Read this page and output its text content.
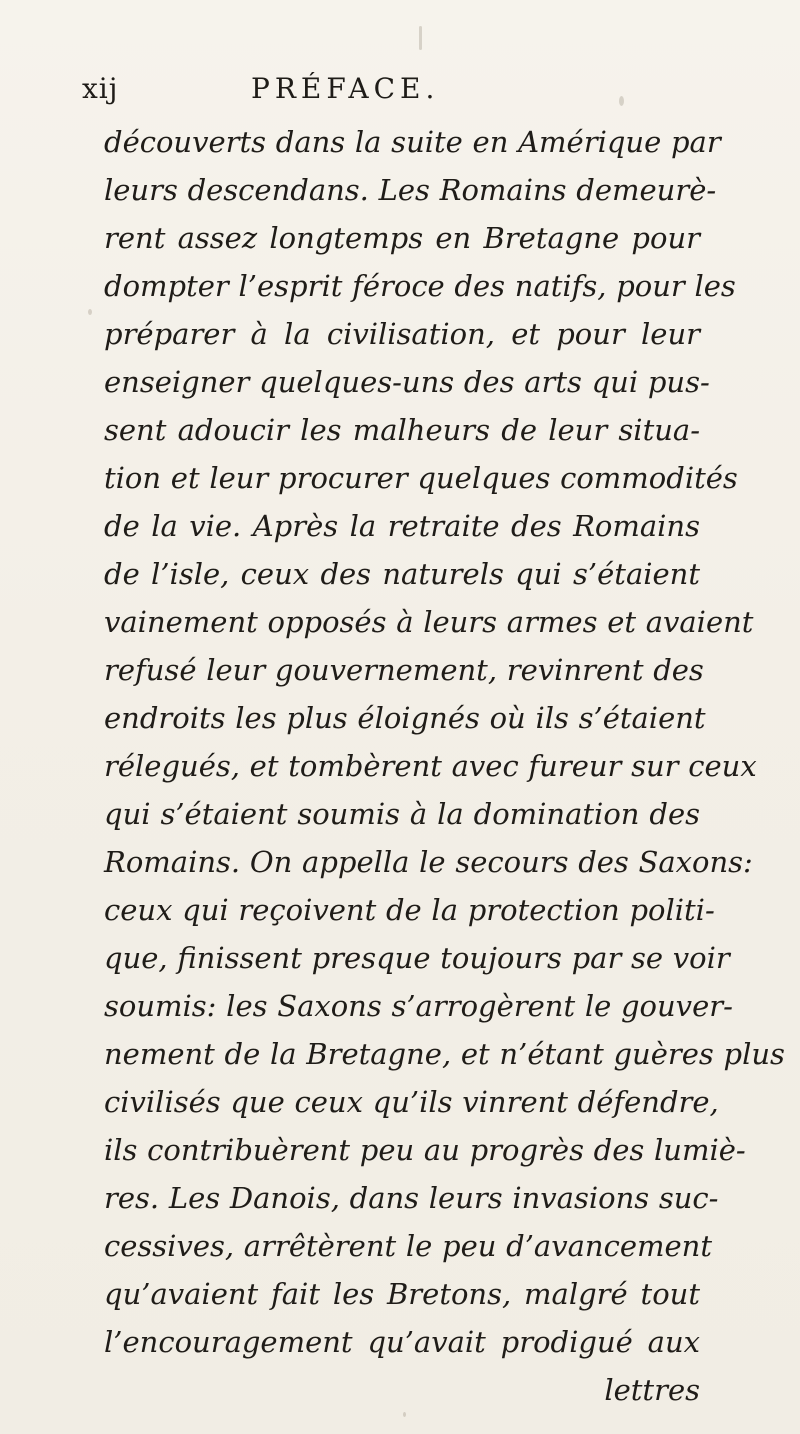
xij	PRÉFACE.
découverts dans la suite en Amérique par
leurs descendans. Les Romains demeurè-
rent assez longtemps en Bretagne pour
dompter l’esprit féroce des natifs, pour les
préparer à la civilisation, et pour leur
enseigner quelques-uns des arts qui pus-
sent adoucir les malheurs de leur situa-
tion et leur procurer quelques commodités
de la vie. Après la retraite des Romains
de l’isle, ceux des naturels qui s’étaient
vainement opposés à leurs armes et avaient
refusé leur gouvernement, revinrent des
endroits les plus éloignés où ils s’étaient
rélegués, et tombèrent avec fureur sur ceux
qui s’étaient soumis à la domination des
Romains. On appella le secours des Saxons:
ceux qui reçoivent de la protection politi-
que, finissent presque toujours par se voir
soumis: les Saxons s’arrogèrent le gouver-
nement de la Bretagne, et n’étant guères plus
civilisés que ceux qu’ils vinrent défendre,
ils contribuèrent peu au progrès des lumiè-
res. Les Danois, dans leurs invasions suc-
cessives, arrêtèrent le peu d’avancement
qu’avaient fait les Bretons, malgré tout
l’encouragement qu’avait prodigué aux
lettres
